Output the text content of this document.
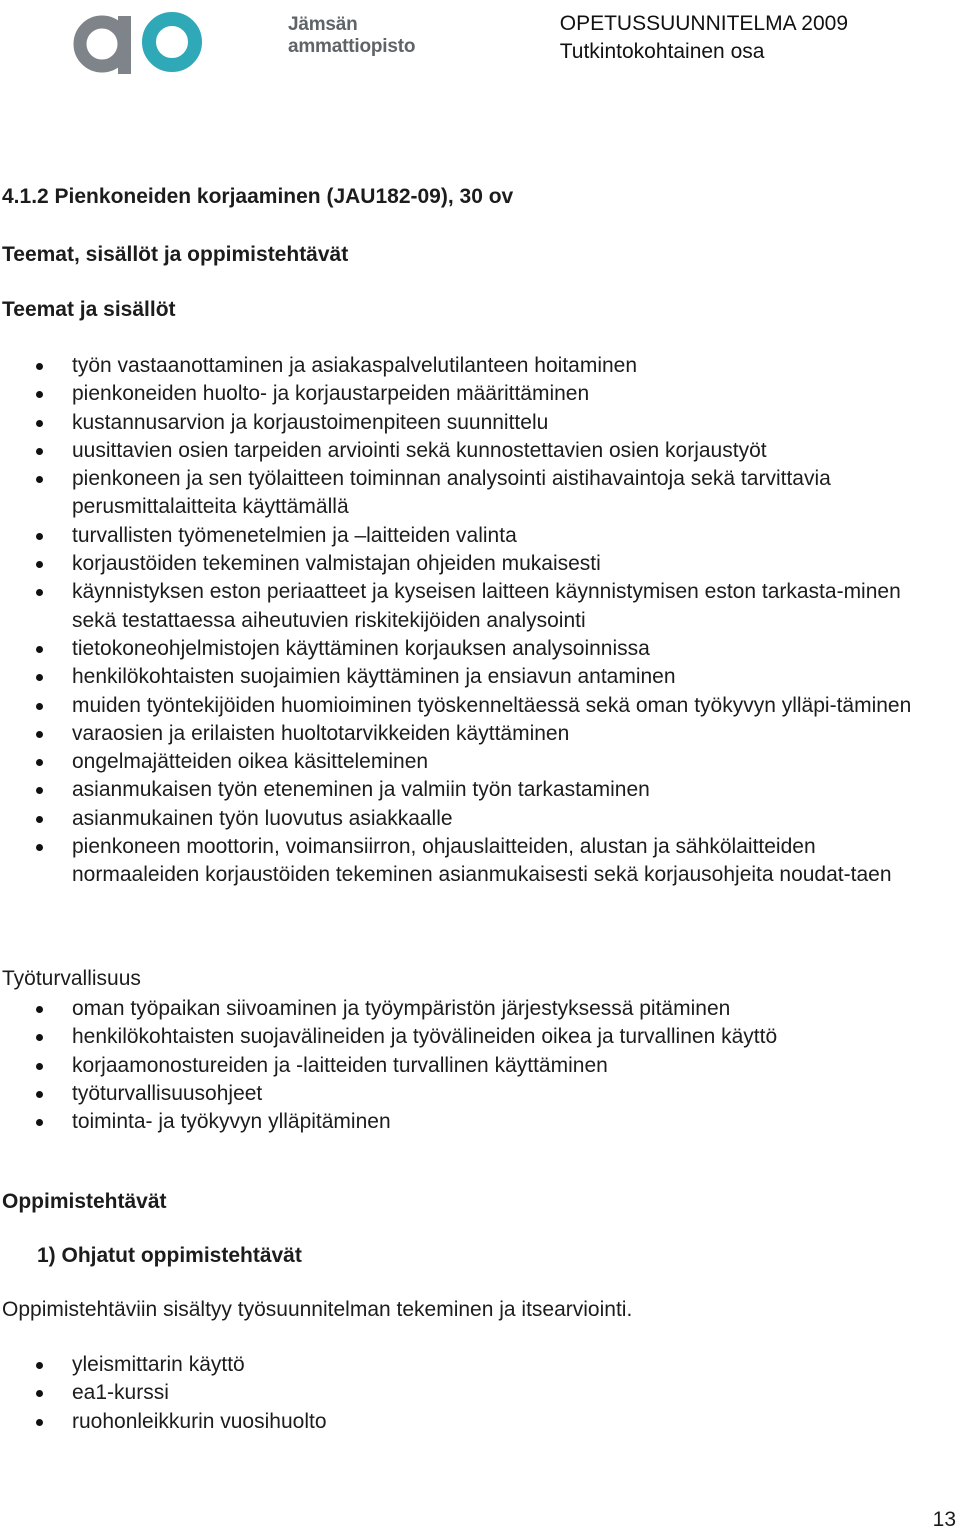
Jämsän
ammattiopisto
OPETUSSUUNNITELMA 2009
Tutkintokohtainen osa

4.1.2 Pienkoneiden korjaaminen (JAU182-09), 30 ov

Teemat, sisällöt ja oppimistehtävät

Teemat ja sisällöt

työn vastaanottaminen ja asiakaspalvelutilanteen hoitaminen
pienkoneiden huolto- ja korjaustarpeiden määrittäminen
kustannusarvion ja korjaustoimenpiteen suunnittelu
uusittavien osien tarpeiden arviointi sekä kunnostettavien osien korjaustyöt
pienkoneen ja sen työlaitteen toiminnan analysointi aistihavaintoja sekä tarvittavia perusmittalaitteita käyttämällä
turvallisten työmenetelmien ja –laitteiden valinta
korjaustöiden tekeminen valmistajan ohjeiden mukaisesti
käynnistyksen eston periaatteet ja kyseisen laitteen käynnistymisen eston tarkasta-minen sekä testattaessa aiheutuvien riskitekijöiden analysointi
tietokoneohjelmistojen käyttäminen korjauksen analysoinnissa
henkilökohtaisten suojaimien käyttäminen ja ensiavun antaminen
muiden työntekijöiden huomioiminen työskenneltäessä sekä oman työkyvyn ylläpi-täminen
varaosien ja erilaisten huoltotarvikkeiden käyttäminen
ongelmajätteiden oikea käsitteleminen
asianmukaisen työn eteneminen ja valmiin työn tarkastaminen
asianmukainen työn luovutus asiakkaalle
pienkoneen moottorin, voimansiirron, ohjauslaitteiden, alustan ja sähkölaitteiden normaaleiden korjaustöiden tekeminen asianmukaisesti sekä korjausohjeita noudat-taen

Työturvallisuus

oman työpaikan siivoaminen ja työympäristön järjestyksessä pitäminen
henkilökohtaisten suojavälineiden ja työvälineiden oikea ja turvallinen käyttö
korjaamonostureiden ja -laitteiden turvallinen käyttäminen
työturvallisuusohjeet
toiminta- ja työkyvyn ylläpitäminen

Oppimistehtävät

1) Ohjatut oppimistehtävät

Oppimistehtäviin sisältyy työsuunnitelman tekeminen ja itsearviointi.

yleismittarin käyttö
ea1-kurssi
ruohonleikkurin vuosihuolto
13
